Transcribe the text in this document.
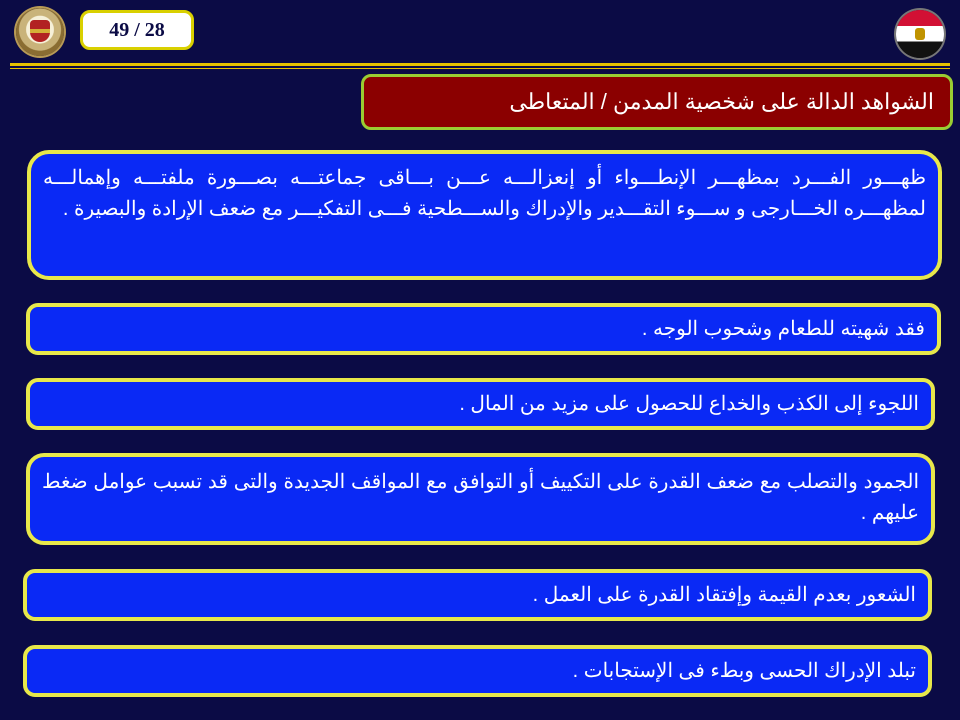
49 / 28
الشواهد الدالة على شخصية المدمن / المتعاطى
ظهـــور الفـــرد بمظهـــر الإنطـــواء أو إنعزالـــه عـــن بـــاقى جماعتـــه بصـــورة ملفتـــه وإهمالـــه لمظهـــره الخـــارجى و ســـوء التقـــدير والإدراك والســـطحية فـــى التفكيـــر مع ضعف الإرادة والبصيرة .
فقد شهيته للطعام وشحوب الوجه .
اللجوء إلى الكذب والخداع للحصول على مزيد من المال .
الجمود والتصلب مع ضعف القدرة على التكييف أو التوافق مع المواقف الجديدة والتى قد تسبب عوامل ضغط عليهم .
الشعور بعدم القيمة وإفتقاد القدرة على العمل .
تبلد الإدراك الحسى وبطء فى الإستجابات .
